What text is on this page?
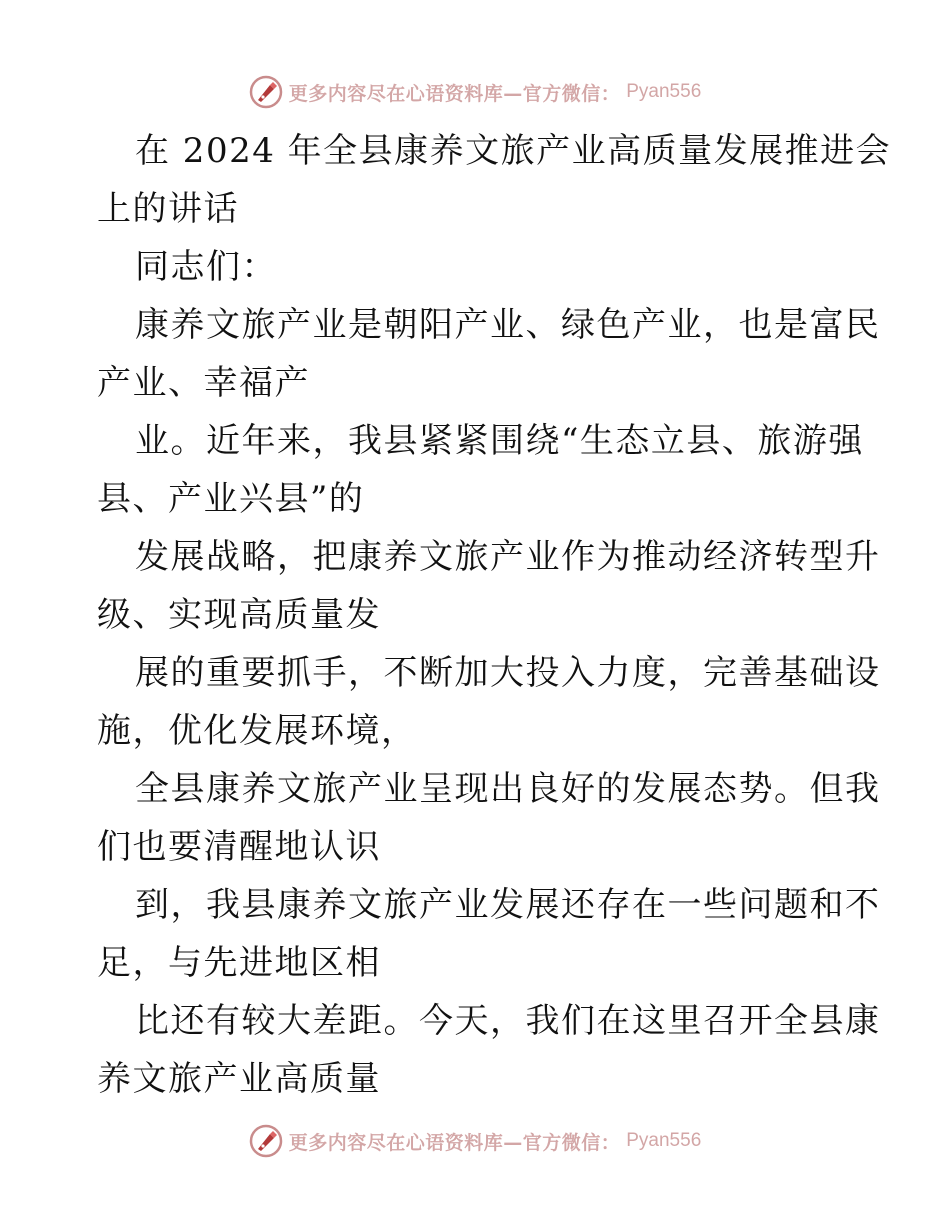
更多内容尽在心语资料库—官方微信： Pyan556
在 2024 年全县康养文旅产业高质量发展推进会
上的讲话
同志们：
康养文旅产业是朝阳产业、绿色产业，也是富民
产业、幸福产
业。近年来，我县紧紧围绕“生态立县、旅游强
县、产业兴县”的
发展战略，把康养文旅产业作为推动经济转型升
级、实现高质量发
展的重要抓手，不断加大投入力度，完善基础设
施，优化发展环境，
全县康养文旅产业呈现出良好的发展态势。但我
们也要清醒地认识
到，我县康养文旅产业发展还存在一些问题和不
足，与先进地区相
比还有较大差距。今天，我们在这里召开全县康
养文旅产业高质量
更多内容尽在心语资料库—官方微信： Pyan556
